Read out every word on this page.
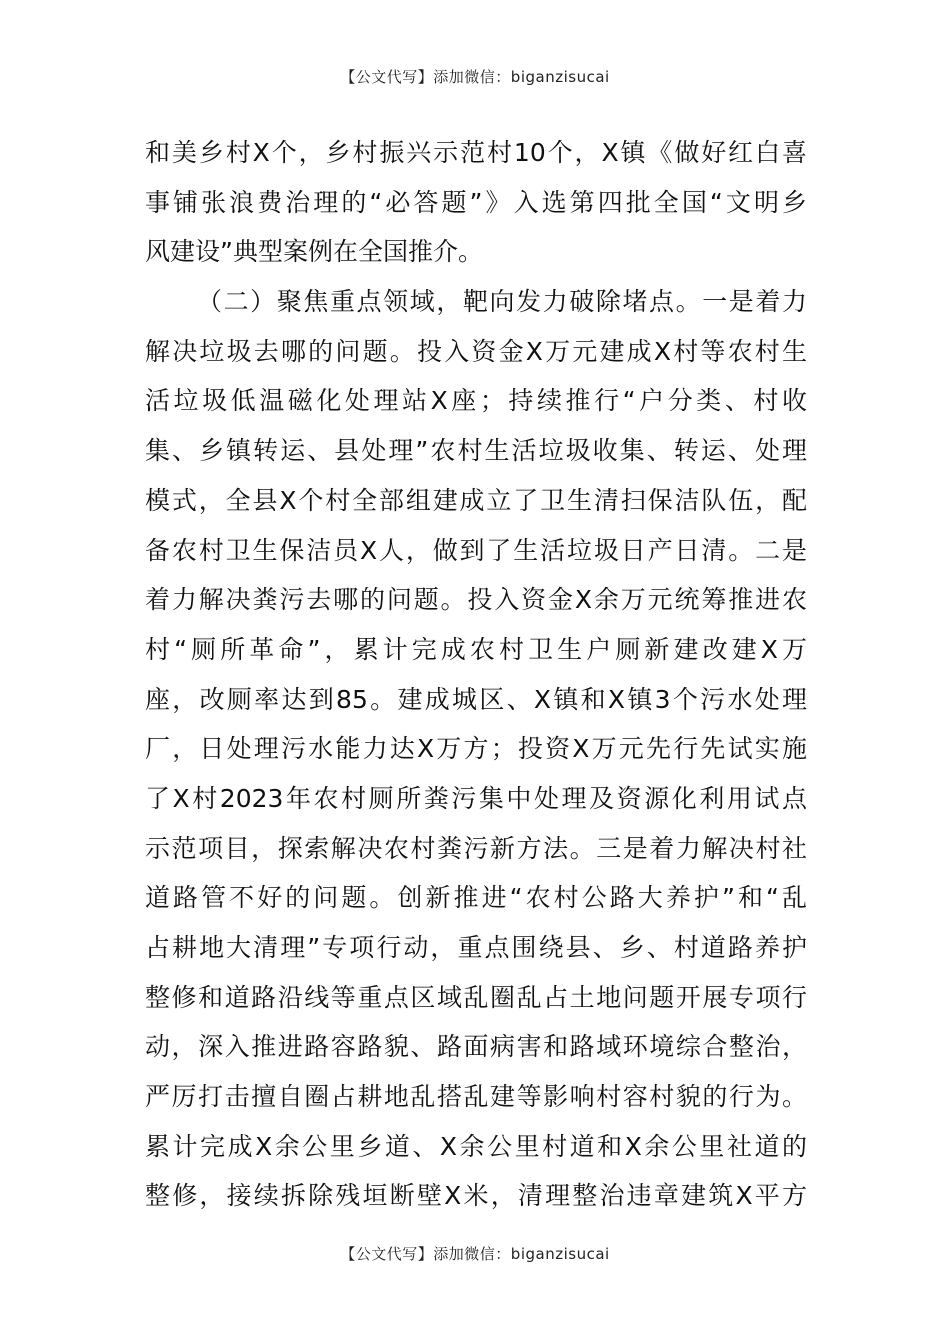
【公文代写】添加微信：biganzisucai
和美乡村X个，乡村振兴示范村10个，X镇《做好红白喜
事铺张浪费治理的“必答题”》入选第四批全国“文明乡
风建设”典型案例在全国推介。
（二）聚焦重点领域，靶向发力破除堵点。一是着力
解决垃圾去哪的问题。投入资金X万元建成X村等农村生
活垃圾低温磁化处理站X座；持续推行“户分类、村收
集、乡镇转运、县处理”农村生活垃圾收集、转运、处理
模式，全县X个村全部组建成立了卫生清扫保洁队伍，配
备农村卫生保洁员X人，做到了生活垃圾日产日清。二是
着力解决粪污去哪的问题。投入资金X余万元统筹推进农
村“厕所革命”，累计完成农村卫生户厕新建改建X万
座，改厕率达到85。建成城区、X镇和X镇3个污水处理
厂，日处理污水能力达X万方；投资X万元先行先试实施
了X村2023年农村厕所粪污集中处理及资源化利用试点
示范项目，探索解决农村粪污新方法。三是着力解决村社
道路管不好的问题。创新推进“农村公路大养护”和“乱
占耕地大清理”专项行动，重点围绕县、乡、村道路养护
整修和道路沿线等重点区域乱圈乱占土地问题开展专项行
动，深入推进路容路貌、路面病害和路域环境综合整治，
严厉打击擅自圈占耕地乱搭乱建等影响村容村貌的行为。
累计完成X余公里乡道、X余公里村道和X余公里社道的
整修，接续拆除残垣断壁X米，清理整治违章建筑X平方
【公文代写】添加微信：biganzisucai
